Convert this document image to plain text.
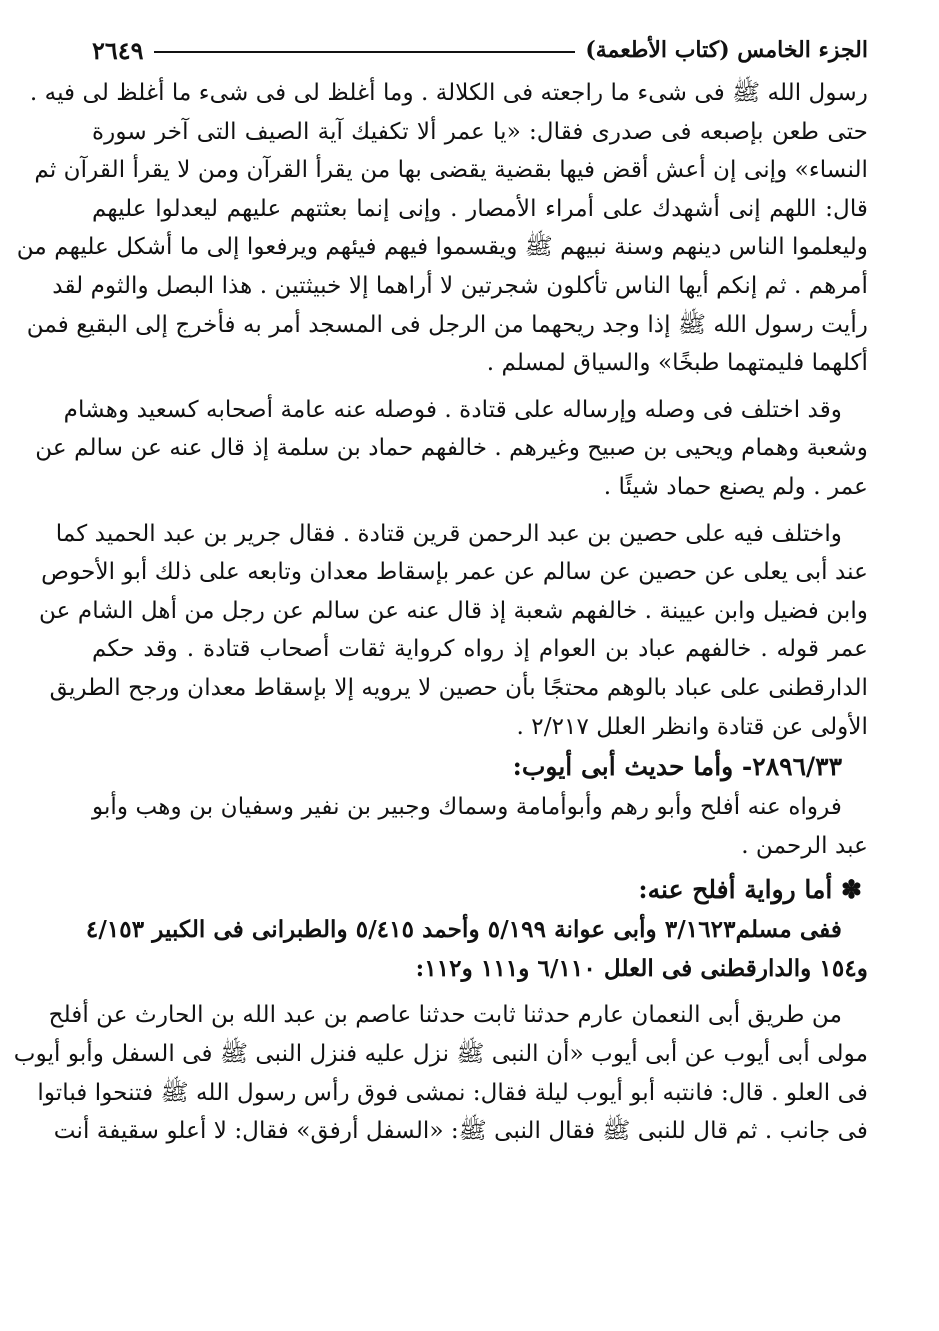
الجزء الخامس (كتاب الأطعمة)
٢٦٤٩

رسول الله ﷺ فى شىء ما راجعته فى الكلالة . وما أغلظ لى فى شىء ما أغلظ لى فيه .
حتى طعن بإصبعه فى صدرى فقال: «يا عمر ألا تكفيك آية الصيف التى آخر سورة
النساء» وإنى إن أعش أقض فيها بقضية يقضى بها من يقرأ القرآن ومن لا يقرأ القرآن ثم
قال: اللهم إنى أشهدك على أمراء الأمصار . وإنى إنما بعثتهم عليهم ليعدلوا عليهم
وليعلموا الناس دينهم وسنة نبيهم ﷺ ويقسموا فيهم فيئهم ويرفعوا إلى ما أشكل عليهم من
أمرهم . ثم إنكم أيها الناس تأكلون شجرتين لا أراهما إلا خبيثتين . هذا البصل والثوم لقد
رأيت رسول الله ﷺ إذا وجد ريحهما من الرجل فى المسجد أمر به فأخرج إلى البقيع فمن
أكلهما فليمتهما طبخًا» والسياق لمسلم .

وقد اختلف فى وصله وإرساله على قتادة . فوصله عنه عامة أصحابه كسعيد وهشام
وشعبة وهمام ويحيى بن صبيح وغيرهم . خالفهم حماد بن سلمة إذ قال عنه عن سالم عن
عمر . ولم يصنع حماد شيئًا .

واختلف فيه على حصين بن عبد الرحمن قرين قتادة . فقال جرير بن عبد الحميد كما
عند أبى يعلى عن حصين عن سالم عن عمر بإسقاط معدان وتابعه على ذلك أبو الأحوص
وابن فضيل وابن عيينة . خالفهم شعبة إذ قال عنه عن سالم عن رجل من أهل الشام عن
عمر قوله . خالفهم عباد بن العوام إذ رواه كرواية ثقات أصحاب قتادة . وقد حكم
الدارقطنى على عباد بالوهم محتجًا بأن حصين لا يرويه إلا بإسقاط معدان ورجح الطريق
الأولى عن قتادة وانظر العلل ٢/٢١٧ .

٢٨٩٦/٣٣- وأما حديث أبى أيوب:

فرواه عنه أفلح وأبو رهم وأبوأمامة وسماك وجبير بن نفير وسفيان بن وهب وأبو
عبد الرحمن .

✽ أما رواية أفلح عنه:

ففى مسلم٣/١٦٢٣ وأبى عوانة ٥/١٩٩ وأحمد ٥/٤١٥ والطبرانى فى الكبير ٤/١٥٣
و١٥٤ والدارقطنى فى العلل ٦/١١٠ و١١١ و١١٢:

من طريق أبى النعمان عارم حدثنا ثابت حدثنا عاصم بن عبد الله بن الحارث عن أفلح
مولى أبى أيوب عن أبى أيوب «أن النبى ﷺ نزل عليه فنزل النبى ﷺ فى السفل وأبو أيوب
فى العلو . قال: فانتبه أبو أيوب ليلة فقال: نمشى فوق رأس رسول الله ﷺ فتنحوا فباتوا
فى جانب . ثم قال للنبى ﷺ فقال النبى ﷺ: «السفل أرفق» فقال: لا أعلو سقيفة أنت
